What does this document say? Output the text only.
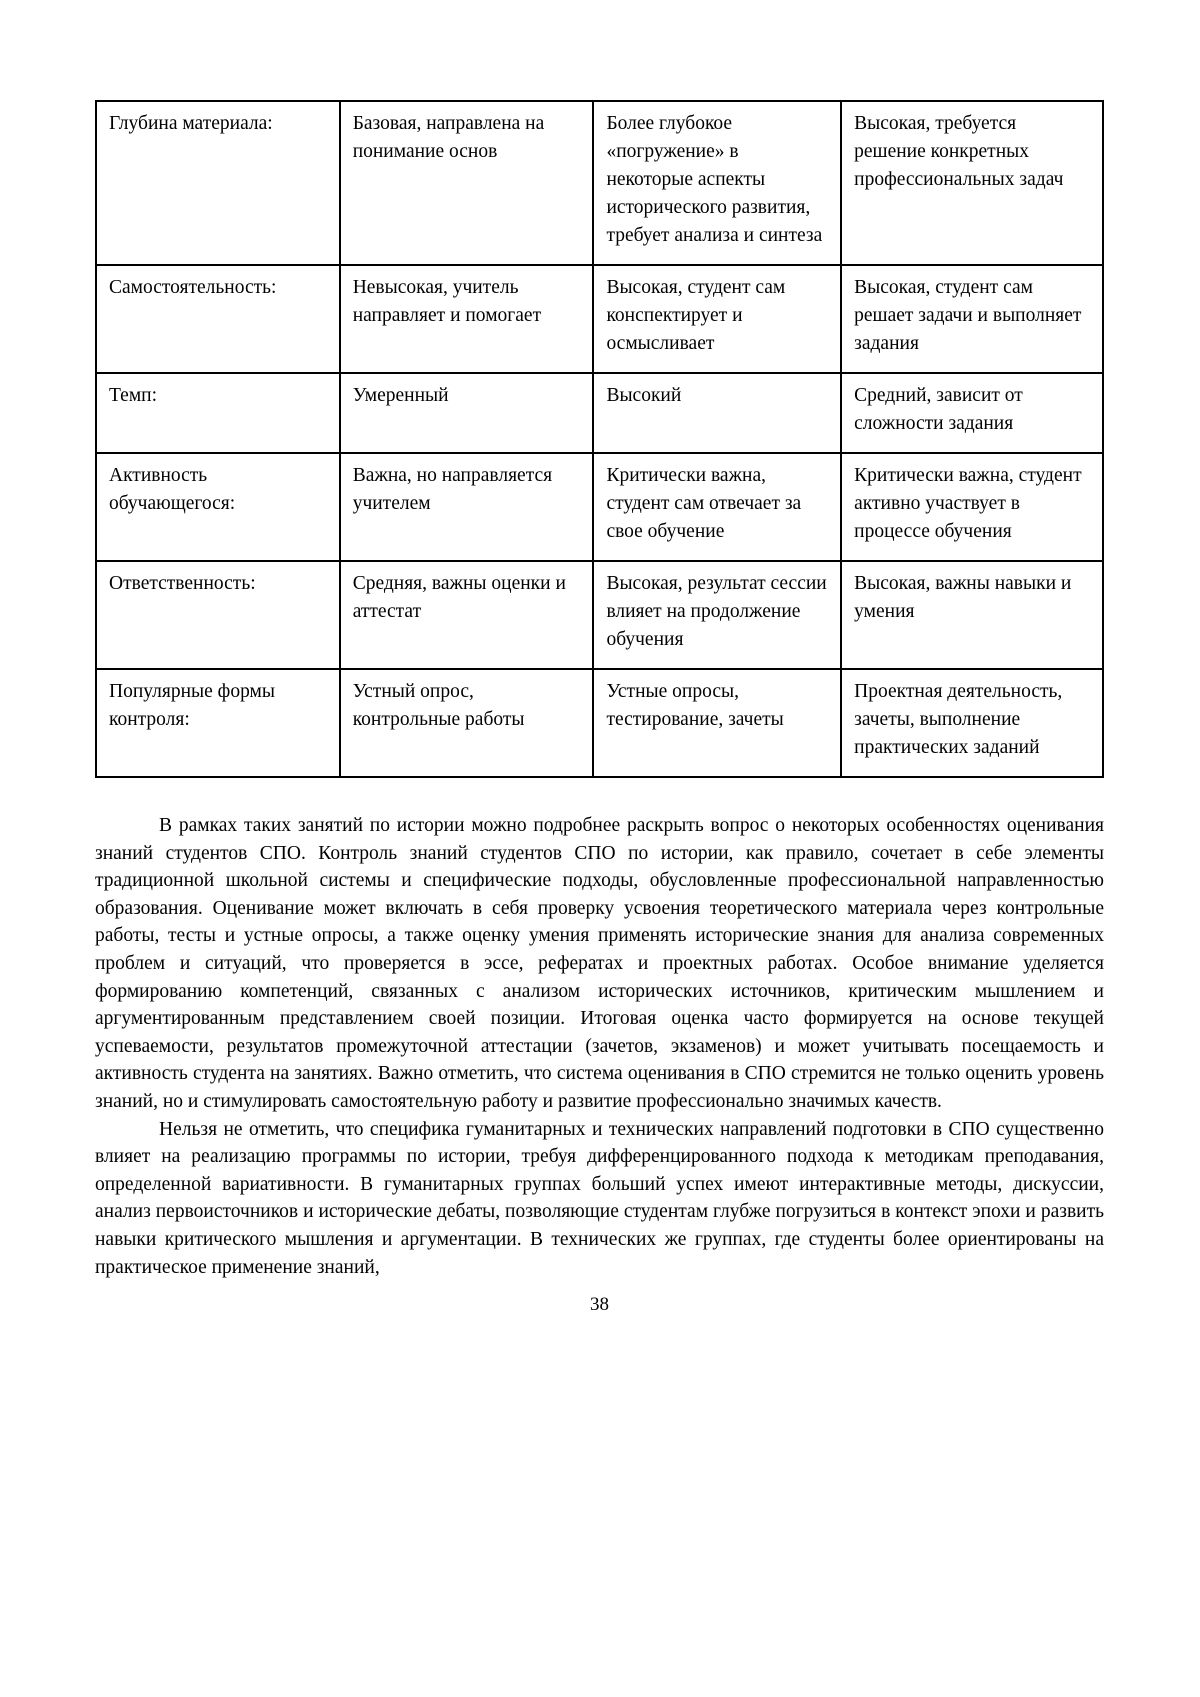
Глубина материала:	Базовая, направлена на понимание основ	Более глубокое «погружение» в некоторые аспекты исторического развития, требует анализа и синтеза	Высокая, требуется решение конкретных профессиональных задач
Самостоятельность:	Невысокая, учитель направляет и помогает	Высокая, студент сам конспектирует и осмысливает	Высокая, студент сам решает задачи и выполняет задания
Темп:	Умеренный	Высокий	Средний, зависит от сложности задания
Активность обучающегося:	Важна, но направляется учителем	Критически важна, студент сам отвечает за свое обучение	Критически важна, студент активно участвует в процессе обучения
Ответственность:	Средняя, важны оценки и аттестат	Высокая, результат сессии влияет на продолжение обучения	Высокая, важны навыки и умения
Популярные формы контроля:	Устный опрос, контрольные работы	Устные опросы, тестирование, зачеты	Проектная деятельность, зачеты, выполнение практических заданий

В рамках таких занятий по истории можно подробнее раскрыть вопрос о некоторых особенностях оценивания знаний студентов СПО. Контроль знаний студентов СПО по истории, как правило, сочетает в себе элементы традиционной школьной системы и специфические подходы, обусловленные профессиональной направленностью образования. Оценивание может включать в себя проверку усвоения теоретического материала через контрольные работы, тесты и устные опросы, а также оценку умения применять исторические знания для анализа современных проблем и ситуаций, что проверяется в эссе, рефератах и проектных работах. Особое внимание уделяется формированию компетенций, связанных с анализом исторических источников, критическим мышлением и аргументированным представлением своей позиции. Итоговая оценка часто формируется на основе текущей успеваемости, результатов промежуточной аттестации (зачетов, экзаменов) и может учитывать посещаемость и активность студента на занятиях. Важно отметить, что система оценивания в СПО стремится не только оценить уровень знаний, но и стимулировать самостоятельную работу и развитие профессионально значимых качеств.

Нельзя не отметить, что специфика гуманитарных и технических направлений подготовки в СПО существенно влияет на реализацию программы по истории, требуя дифференцированного подхода к методикам преподавания, определенной вариативности. В гуманитарных группах больший успех имеют интерактивные методы, дискуссии, анализ первоисточников и исторические дебаты, позволяющие студентам глубже погрузиться в контекст эпохи и развить навыки критического мышления и аргументации. В технических же группах, где студенты более ориентированы на практическое применение знаний,

38
